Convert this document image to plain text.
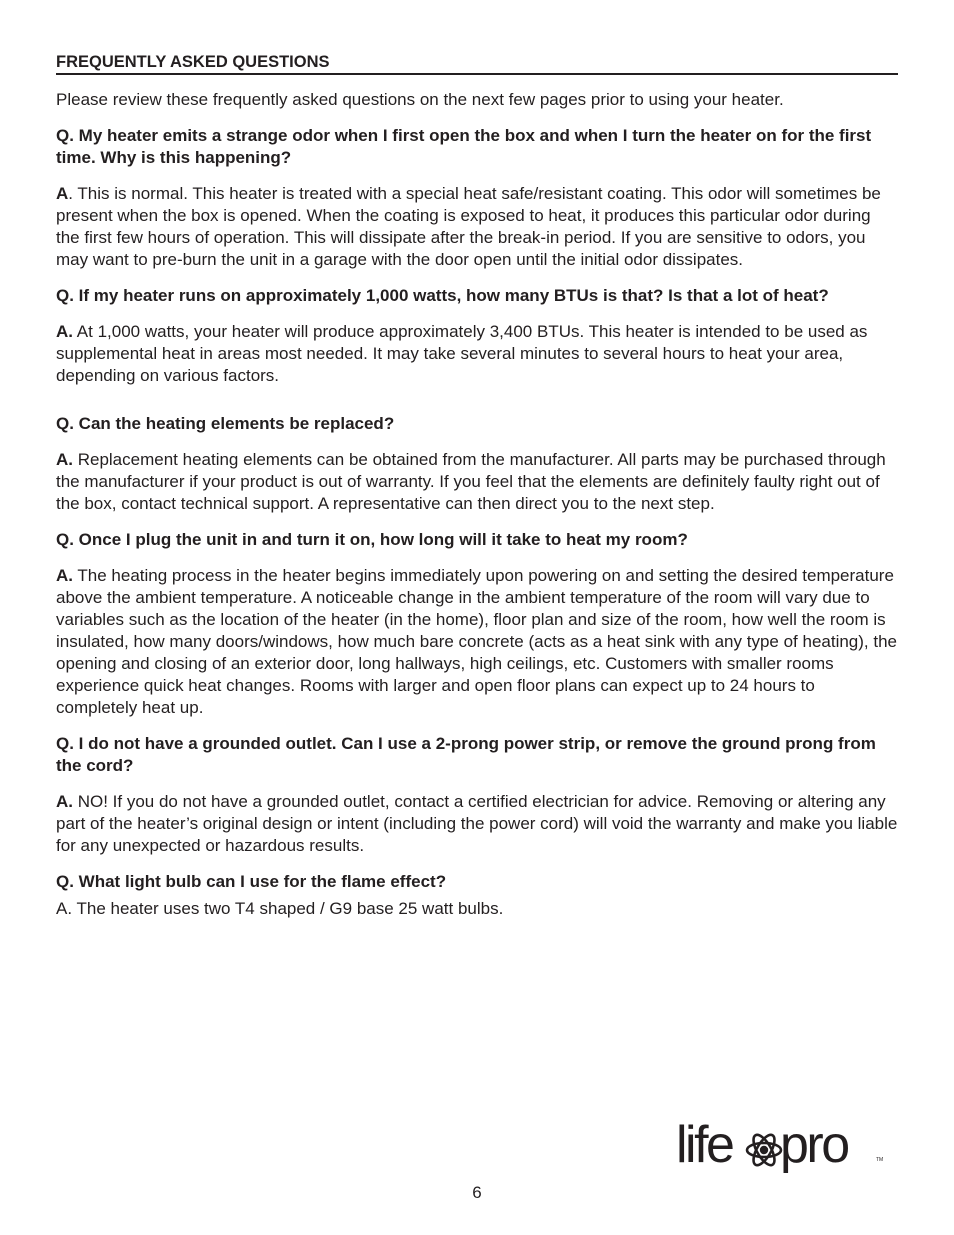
FREQUENTLY ASKED QUESTIONS

Please review these frequently asked questions on the next few pages prior to using your heater.

Q. My heater emits a strange odor when I first open the box and when I turn the heater on for the first time. Why is this happening?

A. This is normal. This heater is treated with a special heat safe/resistant coating. This odor will sometimes be present when the box is opened. When the coating is exposed to heat, it produces this particular odor during the first few hours of operation. This will dissipate after the break-in period. If you are sensitive to odors, you may want to pre-burn the unit in a garage with the door open until the initial odor dissipates.

Q. If my heater runs on approximately 1,000 watts, how many BTUs is that? Is that a lot of heat?

A. At 1,000 watts, your heater will produce approximately 3,400 BTUs. This heater is intended to be used as supplemental heat in areas most needed. It may take several minutes to several hours to heat your area, depending on various factors.

Q. Can the heating elements be replaced?

A. Replacement heating elements can be obtained from the manufacturer. All parts may be purchased through the manufacturer if your product is out of warranty. If you feel that the elements are definitely faulty right out of the box, contact technical support. A representative can then direct you to the next step.

Q. Once I plug the unit in and turn it on, how long will it take to heat my room?

A. The heating process in the heater begins immediately upon powering on and setting the desired temperature above the ambient temperature. A noticeable change in the ambient temperature of the room will vary due to variables such as the location of the heater (in the home), floor plan and size of the room, how well the room is insulated, how many doors/windows, how much bare concrete (acts as a heat sink with any type of heating), the opening and closing of an exterior door, long hallways, high ceilings, etc. Customers with smaller rooms experience quick heat changes. Rooms with larger and open floor plans can expect up to 24 hours to completely heat up.

Q. I do not have a grounded outlet. Can I use a 2-prong power strip, or remove the ground prong from the cord?

A. NO! If you do not have a grounded outlet, contact a certified electrician for advice. Removing or altering any part of the heater’s original design or intent (including the power cord) will void the warranty and make you liable for any unexpected or hazardous results.

Q. What light bulb can I use for the flame effect?

A. The heater uses two T4 shaped / G9 base 25 watt bulbs.

life pro	TM
6
